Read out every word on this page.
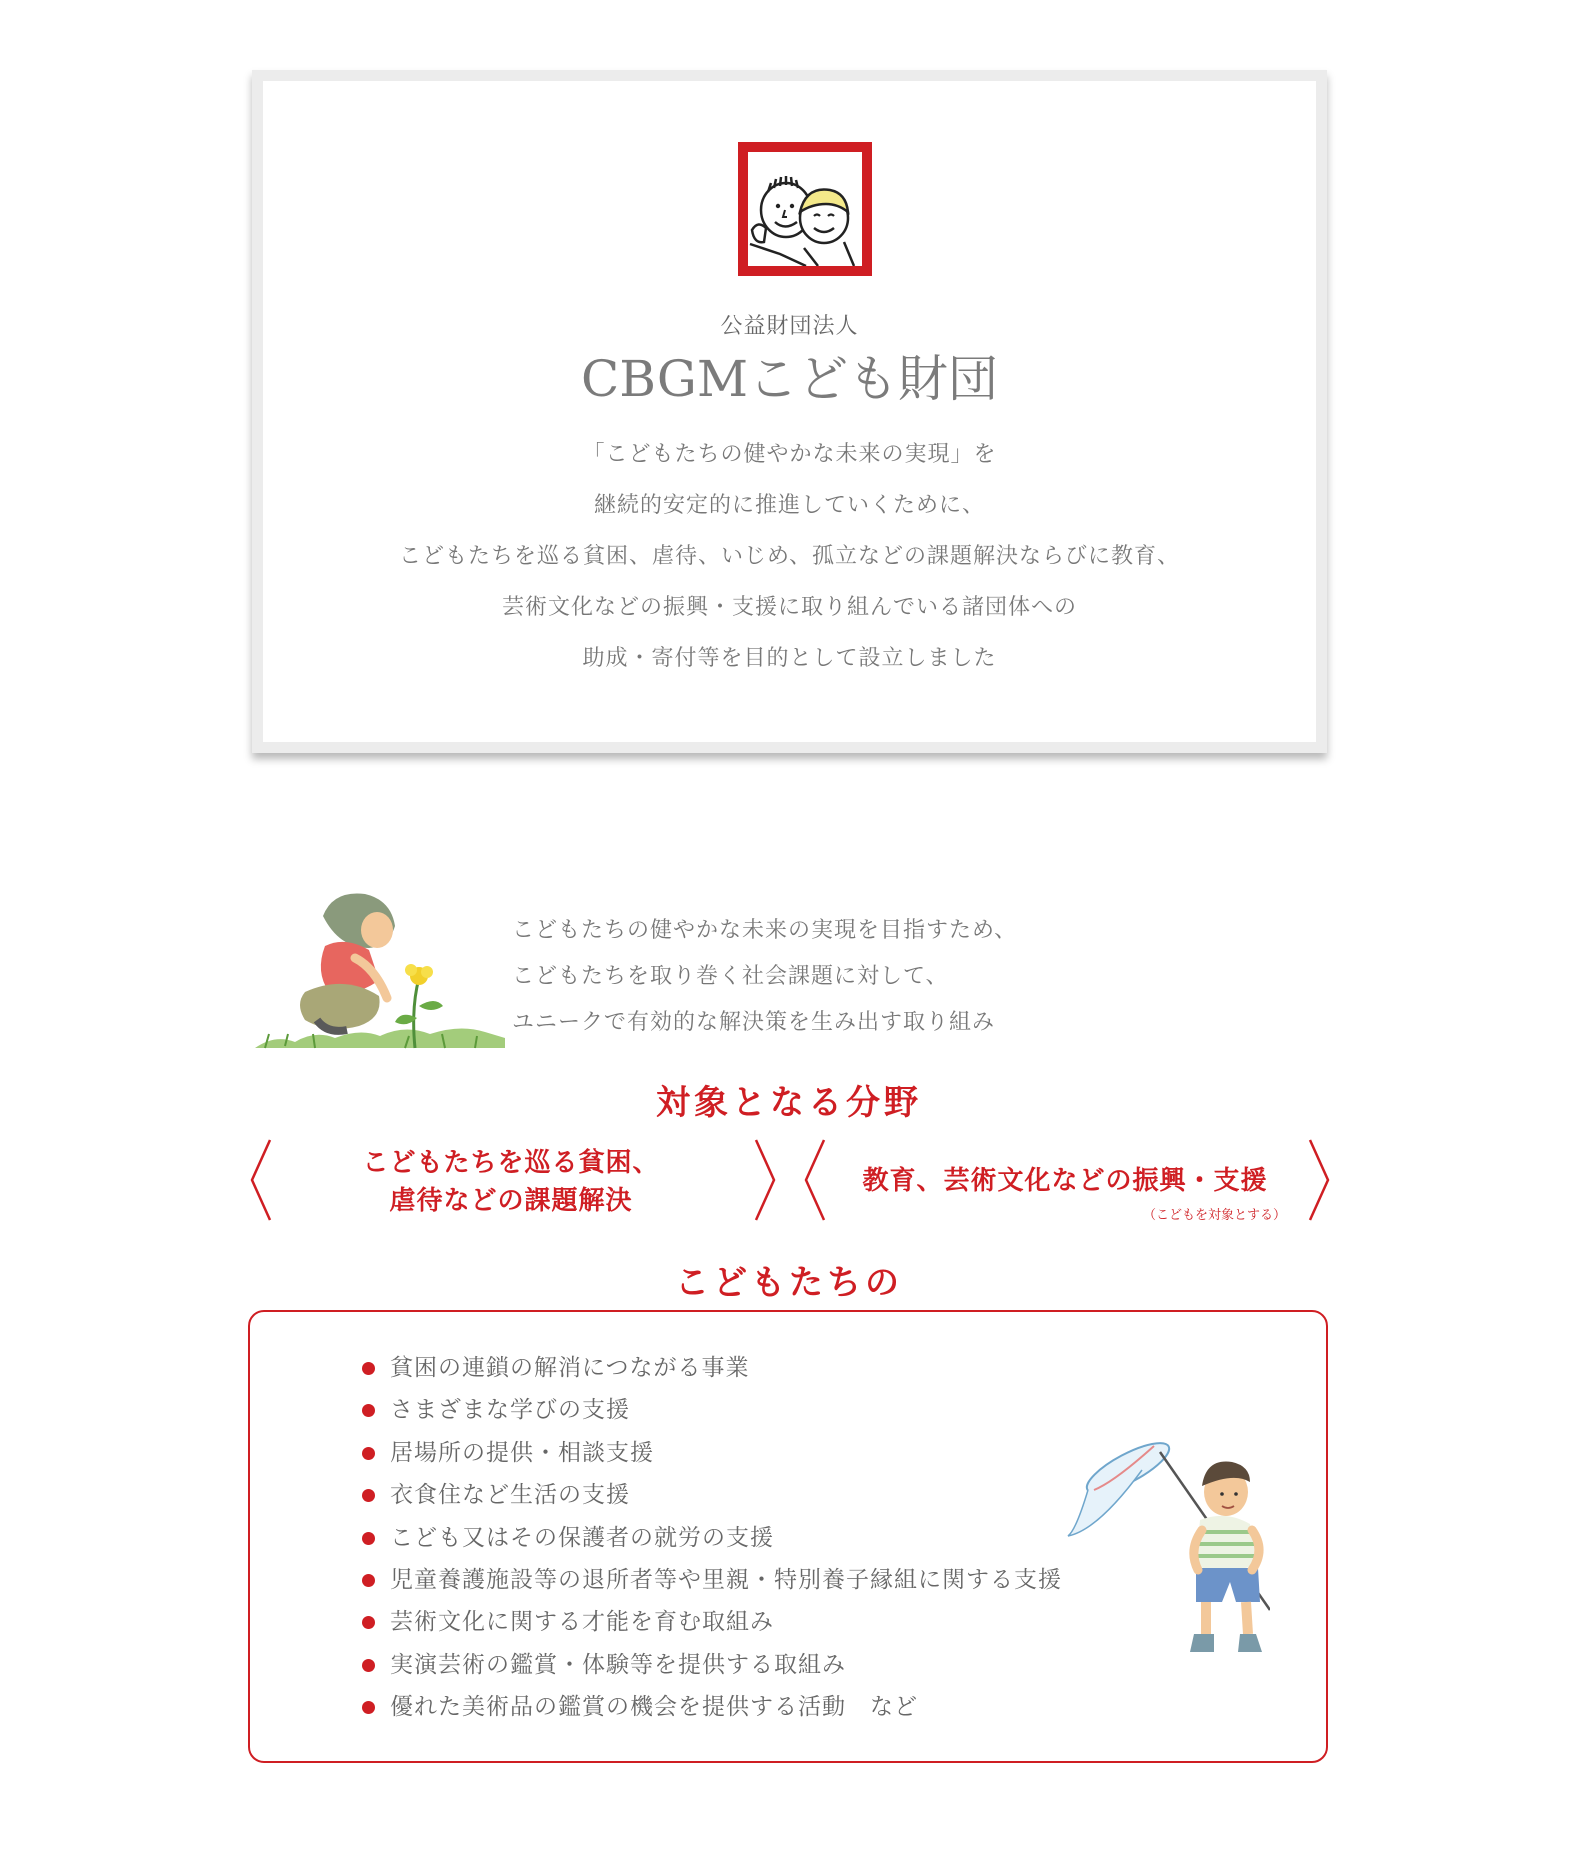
公益財団法人
CBGMこども財団
「こどもたちの健やかな未来の実現」を
継続的安定的に推進していくために、
こどもたちを巡る貧困、虐待、いじめ、孤立などの課題解決ならびに教育、
芸術文化などの振興・支援に取り組んでいる諸団体への
助成・寄付等を目的として設立しました
こどもたちの健やかな未来の実現を目指すため、
こどもたちを取り巻く社会課題に対して、
ユニークで有効的な解決策を生み出す取り組み
対象となる分野
こどもたちを巡る貧困、
虐待などの課題解決
教育、芸術文化などの振興・支援
（こどもを対象とする）
こどもたちの
貧困の連鎖の解消につながる事業
さまざまな学びの支援
居場所の提供・相談支援
衣食住など生活の支援
こども又はその保護者の就労の支援
児童養護施設等の退所者等や里親・特別養子縁組に関する支援
芸術文化に関する才能を育む取組み
実演芸術の鑑賞・体験等を提供する取組み
優れた美術品の鑑賞の機会を提供する活動　など
